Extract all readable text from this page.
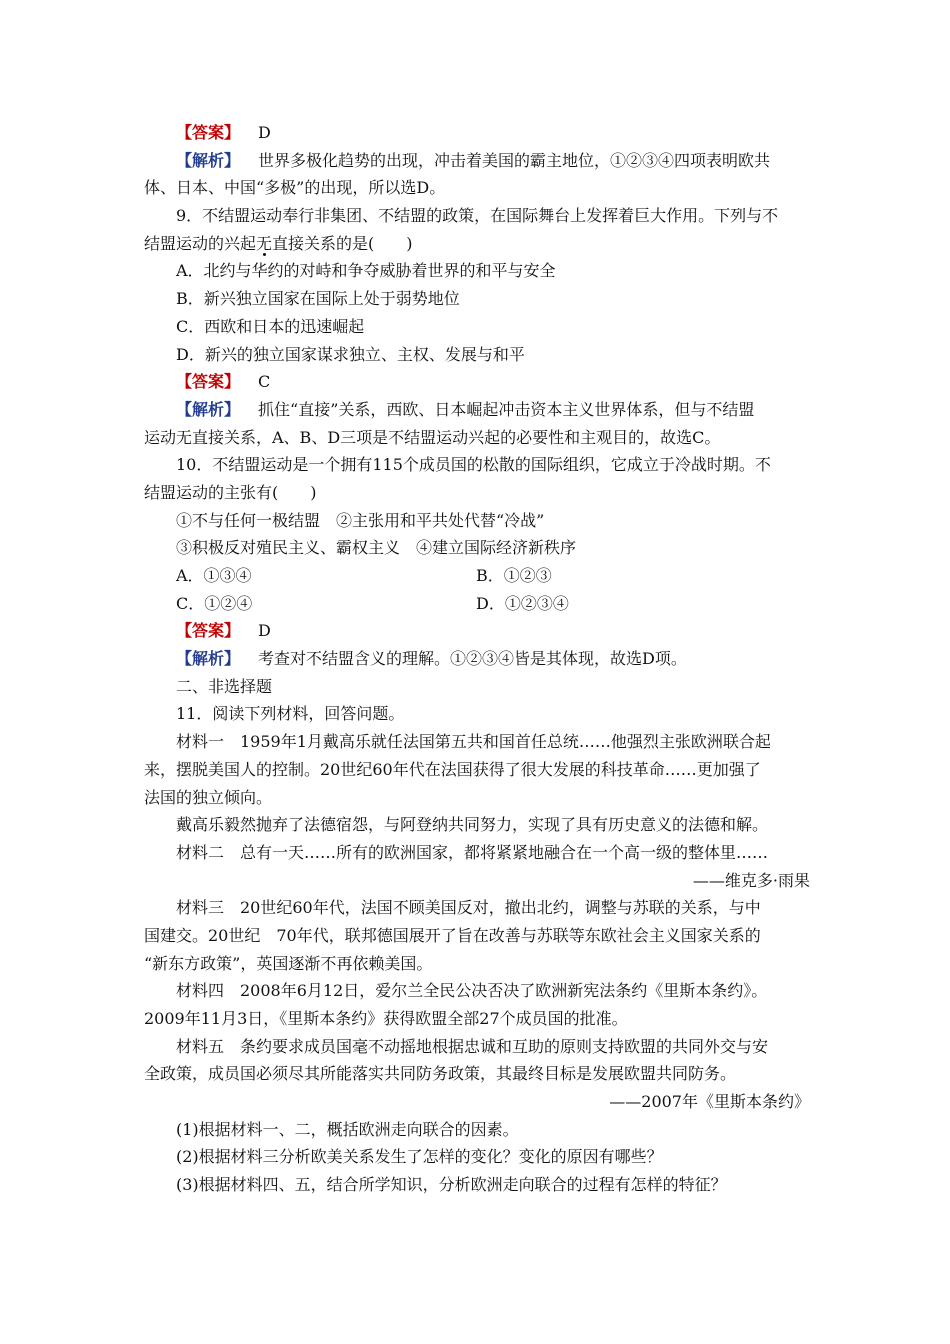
【答案】 D
【解析】 世界多极化趋势的出现，冲击着美国的霸主地位，①②③④四项表明欧共
体、日本、中国“多极”的出现，所以选D。
9．不结盟运动奉行非集团、不结盟的政策，在国际舞台上发挥着巨大作用。下列与不
结盟运动的兴起无直接关系的是(　　)
A．北约与华约的对峙和争夺威胁着世界的和平与安全
B．新兴独立国家在国际上处于弱势地位
C．西欧和日本的迅速崛起
D．新兴的独立国家谋求独立、主权、发展与和平
【答案】 C
【解析】 抓住“直接”关系，西欧、日本崛起冲击资本主义世界体系，但与不结盟
运动无直接关系，A、B、D三项是不结盟运动兴起的必要性和主观目的，故选C。
10．不结盟运动是一个拥有115个成员国的松散的国际组织，它成立于冷战时期。不
结盟运动的主张有(　　)
①不与任何一极结盟　②主张用和平共处代替“冷战”
③积极反对殖民主义、霸权主义　④建立国际经济新秩序
A．①③④	B．①②③
C．①②④	D．①②③④
【答案】 D
【解析】 考查对不结盟含义的理解。①②③④皆是其体现，故选D项。
二、非选择题
11．阅读下列材料，回答问题。
材料一　1959年1月戴高乐就任法国第五共和国首任总统……他强烈主张欧洲联合起
来，摆脱美国人的控制。20世纪60年代在法国获得了很大发展的科技革命……更加强了
法国的独立倾向。
戴高乐毅然抛弃了法德宿怨，与阿登纳共同努力，实现了具有历史意义的法德和解。
材料二　总有一天……所有的欧洲国家，都将紧紧地融合在一个高一级的整体里……
——维克多·雨果
材料三　20世纪60年代，法国不顾美国反对，撤出北约，调整与苏联的关系，与中
国建交。20世纪　70年代，联邦德国展开了旨在改善与苏联等东欧社会主义国家关系的
“新东方政策”，英国逐渐不再依赖美国。
材料四　2008年6月12日，爱尔兰全民公决否决了欧洲新宪法条约《里斯本条约》。
2009年11月3日，《里斯本条约》获得欧盟全部27个成员国的批准。
材料五　条约要求成员国毫不动摇地根据忠诚和互助的原则支持欧盟的共同外交与安
全政策，成员国必须尽其所能落实共同防务政策，其最终目标是发展欧盟共同防务。
——2007年《里斯本条约》
(1)根据材料一、二，概括欧洲走向联合的因素。
(2)根据材料三分析欧美关系发生了怎样的变化？变化的原因有哪些？
(3)根据材料四、五，结合所学知识，分析欧洲走向联合的过程有怎样的特征？
